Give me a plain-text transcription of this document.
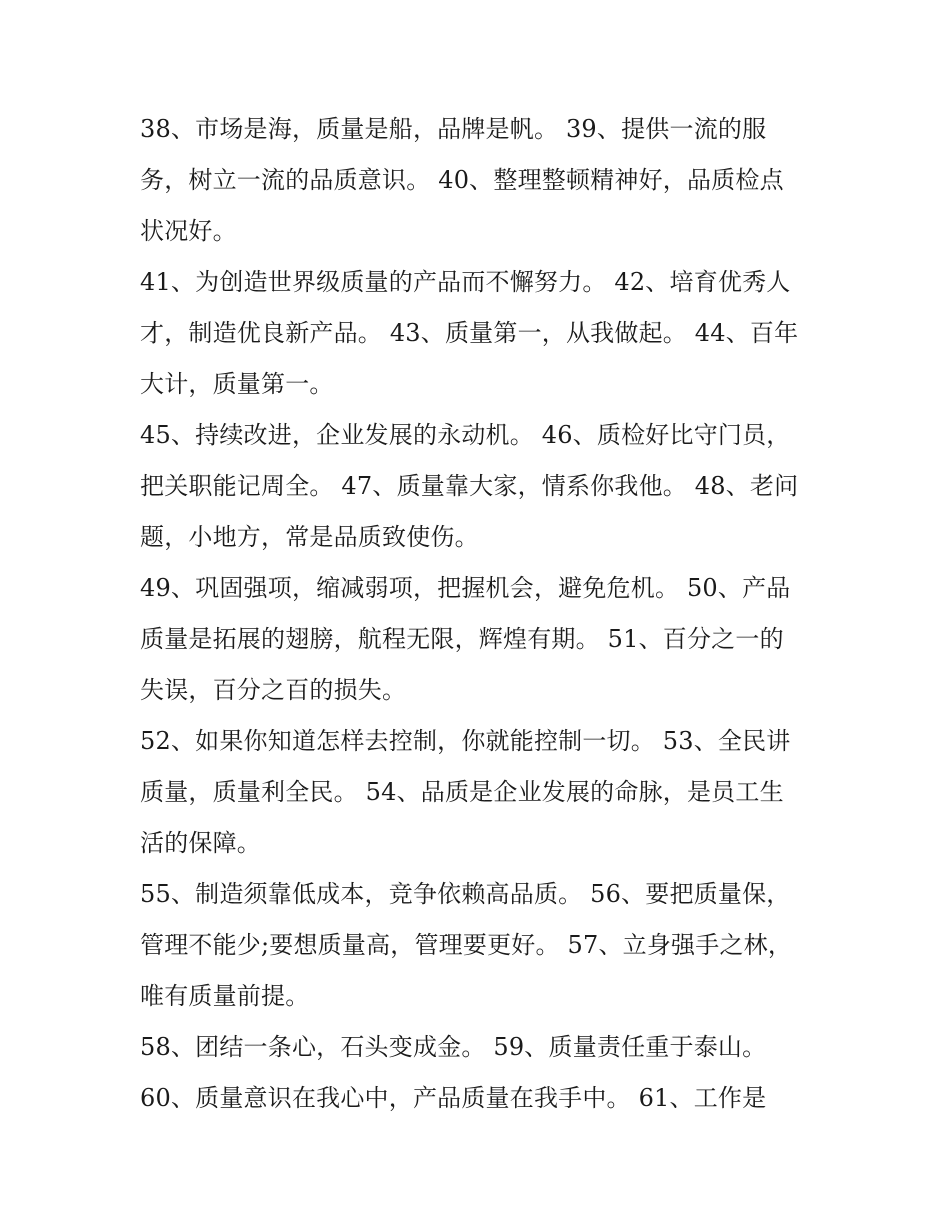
38、市场是海，质量是船，品牌是帆。 39、提供一流的服
务，树立一流的品质意识。 40、整理整顿精神好，品质检点
状况好。
41、为创造世界级质量的产品而不懈努力。 42、培育优秀人
才，制造优良新产品。 43、质量第一，从我做起。 44、百年
大计，质量第一。
45、持续改进，企业发展的永动机。 46、质检好比守门员，
把关职能记周全。 47、质量靠大家，情系你我他。 48、老问
题，小地方，常是品质致使伤。
49、巩固强项，缩减弱项，把握机会，避免危机。 50、产品
质量是拓展的翅膀，航程无限，辉煌有期。 51、百分之一的
失误，百分之百的损失。
52、如果你知道怎样去控制，你就能控制一切。 53、全民讲
质量，质量利全民。 54、品质是企业发展的命脉，是员工生
活的保障。
55、制造须靠低成本，竞争依赖高品质。 56、要把质量保，
管理不能少;要想质量高，管理要更好。 57、立身强手之林，
唯有质量前提。
58、团结一条心，石头变成金。 59、质量责任重于泰山。
60、质量意识在我心中，产品质量在我手中。 61、工作是
